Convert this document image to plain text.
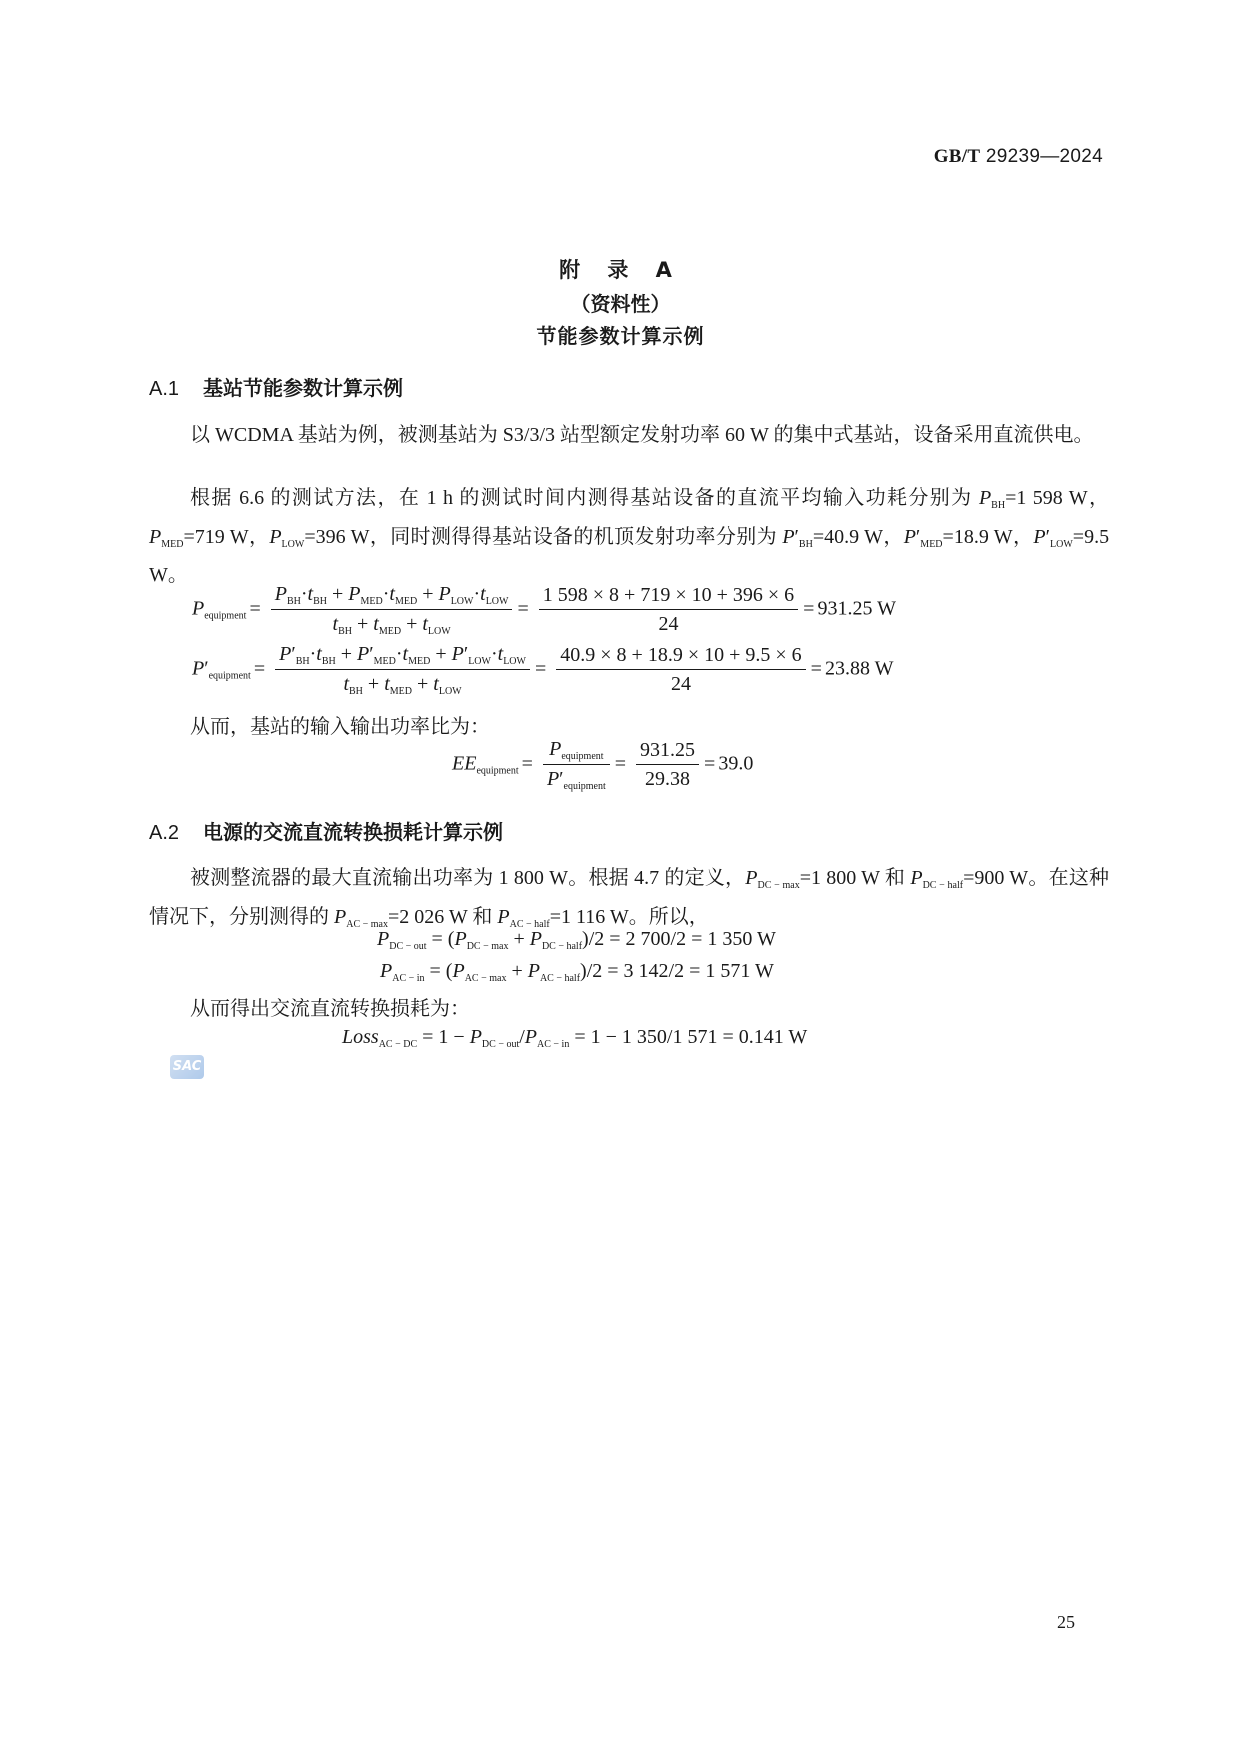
GB/T 29239—2024
附 录 A
（资料性）
节能参数计算示例
A.1 基站节能参数计算示例
以 WCDMA 基站为例，被测基站为 S3/3/3 站型额定发射功率 60 W 的集中式基站，设备采用直流供电。
根据 6.6 的测试方法，在 1 h 的测试时间内测得基站设备的直流平均输入功耗分别为 $P_{BH}=1$ 598 W，$P_{MED}=719$ W，$P_{LOW}=396$ W，同时测得得基站设备的机顶发射功率分别为 $P'_{BH}=40.9$ W，$P'_{MED}=18.9$ W，$P'_{LOW}=9.5$ W。
$P_{equipment} = \frac{P_{BH}\cdot t_{BH} + P_{MED}\cdot t_{MED} + P_{LOW}\cdot t_{LOW}}{t_{BH} + t_{MED} + t_{LOW}} = \frac{1 598 \times 8 + 719 \times 10 + 396 \times 6}{24} = 931.25$ W
$P'_{equipment} = \frac{P'_{BH}\cdot t_{BH} + P'_{MED}\cdot t_{MED} + P'_{LOW}\cdot t_{LOW}}{t_{BH} + t_{MED} + t_{LOW}} = \frac{40.9 \times 8 + 18.9 \times 10 + 9.5 \times 6}{24} = 23.88$ W
从而，基站的输入输出功率比为：
$EE_{equipment} = \frac{P_{equipment}}{P'_{equipment}} = \frac{931.25}{29.38} = 39.0$
A.2 电源的交流直流转换损耗计算示例
被测整流器的最大直流输出功率为 1 800 W。根据 4.7 的定义，$P_{DC - max}=1$ 800 W 和 $P_{DC - half}=900$ W。在这种情况下，分别测得的 $P_{AC - max}=2$ 026 W 和 $P_{AC - half}=1$ 116 W。所以，
$P_{DC - out} = (P_{DC - max} + P_{DC - half})/2 = 2$ 700/2 = 1 350 W
$P_{AC - in} = (P_{AC - max} + P_{AC - half})/2 = 3$ 142/2 = 1 571 W
从而得出交流直流转换损耗为：
Loss$_{AC - DC}$ = $1 - P_{DC - out}/P_{AC - in} = 1 - 1$ 350/1 571 = 0.141 W
SAC
25
